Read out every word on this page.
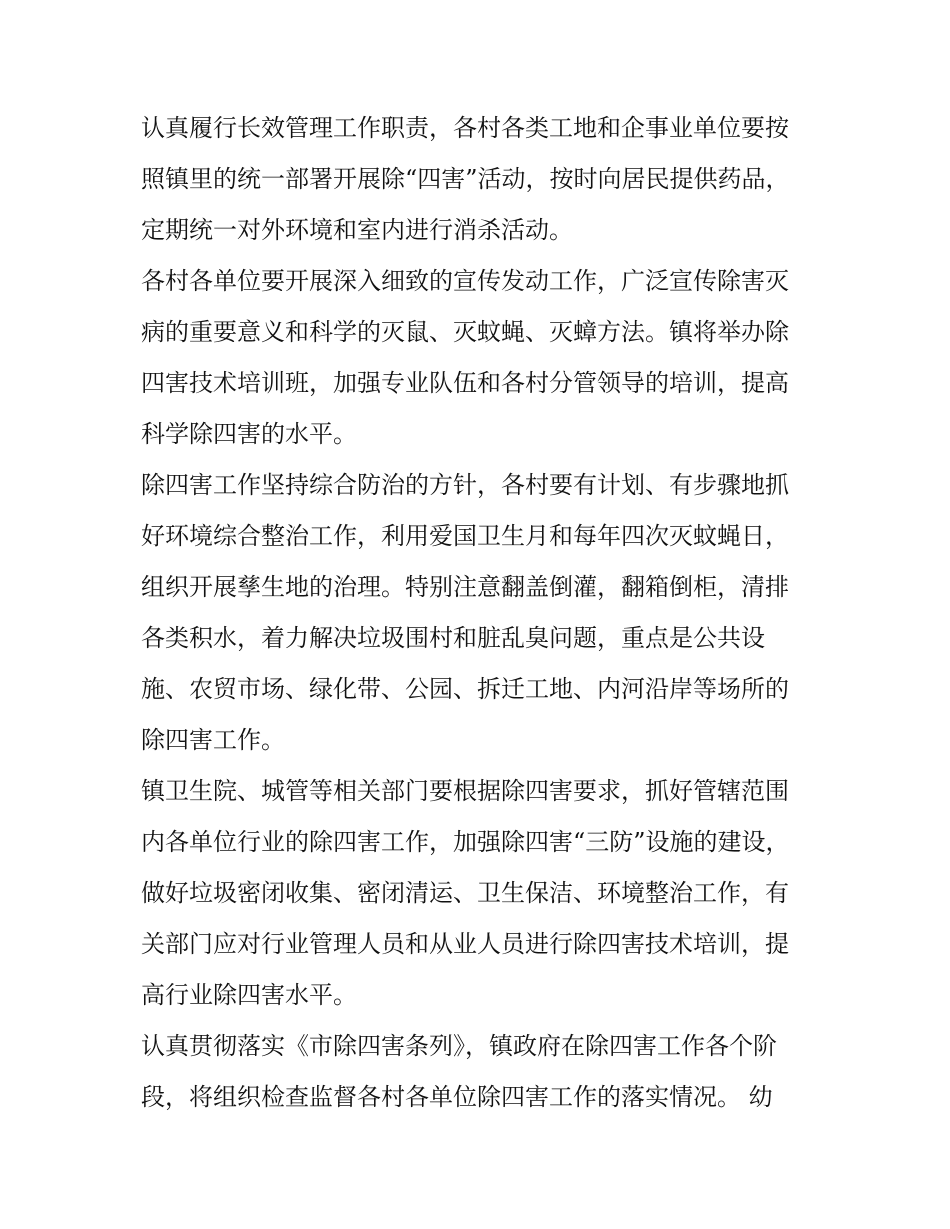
认真履行长效管理工作职责，各村各类工地和企事业单位要按
照镇里的统一部署开展除“四害”活动，按时向居民提供药品，
定期统一对外环境和室内进行消杀活动。
各村各单位要开展深入细致的宣传发动工作，广泛宣传除害灭
病的重要意义和科学的灭鼠、灭蚊蝇、灭蟑方法。镇将举办除
四害技术培训班，加强专业队伍和各村分管领导的培训，提高
科学除四害的水平。
除四害工作坚持综合防治的方针，各村要有计划、有步骤地抓
好环境综合整治工作，利用爱国卫生月和每年四次灭蚊蝇日，
组织开展孳生地的治理。特别注意翻盖倒灌，翻箱倒柜，清排
各类积水，着力解决垃圾围村和脏乱臭问题，重点是公共设
施、农贸市场、绿化带、公园、拆迁工地、内河沿岸等场所的
除四害工作。
镇卫生院、城管等相关部门要根据除四害要求，抓好管辖范围
内各单位行业的除四害工作，加强除四害“三防”设施的建设，
做好垃圾密闭收集、密闭清运、卫生保洁、环境整治工作，有
关部门应对行业管理人员和从业人员进行除四害技术培训，提
高行业除四害水平。
认真贯彻落实《市除四害条列》，镇政府在除四害工作各个阶
段，将组织检查监督各村各单位除四害工作的落实情况。 幼
